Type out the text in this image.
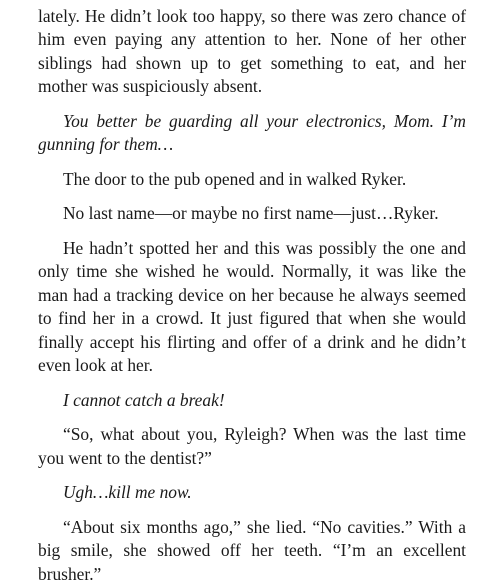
lately. He didn’t look too happy, so there was zero chance of him even paying any attention to her. None of her other siblings had shown up to get something to eat, and her mother was suspiciously absent.

You better be guarding all your electronics, Mom. I’m gunning for them…

The door to the pub opened and in walked Ryker.

No last name—or maybe no first name—just…Ryker.

He hadn’t spotted her and this was possibly the one and only time she wished he would. Normally, it was like the man had a tracking device on her because he always seemed to find her in a crowd. It just figured that when she would finally accept his flirting and offer of a drink and he didn’t even look at her.

I cannot catch a break!

“So, what about you, Ryleigh? When was the last time you went to the dentist?”

Ugh…kill me now.

“About six months ago,” she lied. “No cavities.” With a big smile, she showed off her teeth. “I’m an excellent brusher.”
